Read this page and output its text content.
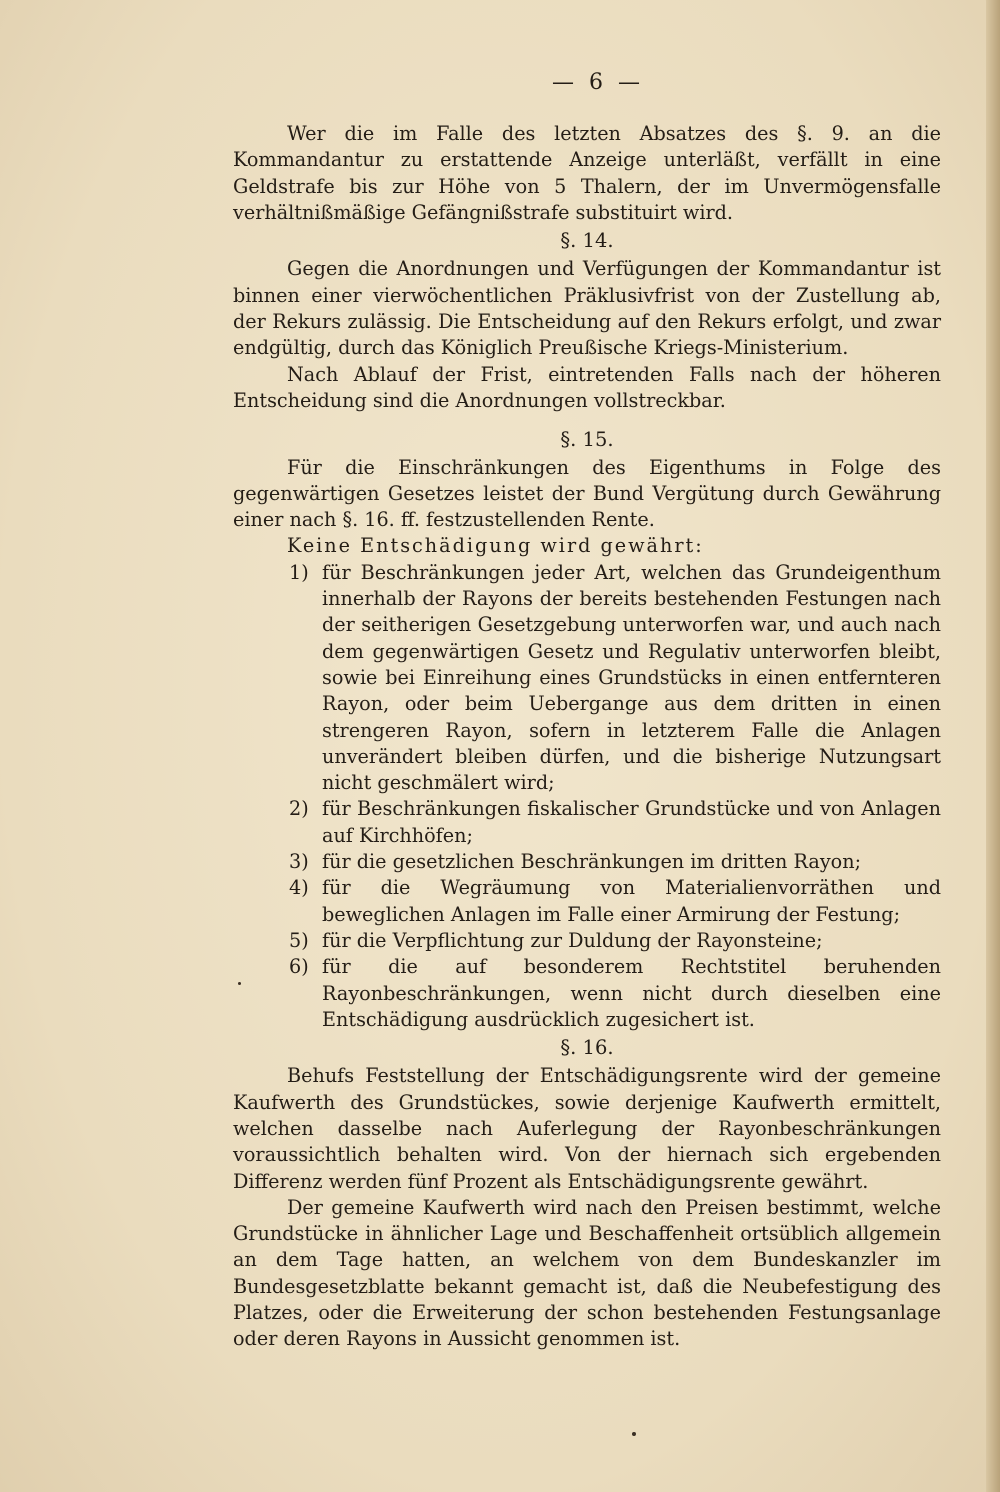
— 6 —

Wer die im Falle des letzten Absatzes des §. 9. an die Kommandantur zu erstattende Anzeige unterläßt, verfällt in eine Geldstrafe bis zur Höhe von 5 Thalern, der im Unvermögensfalle verhältnißmäßige Gefängnißstrafe substituirt wird.

§. 14.

Gegen die Anordnungen und Verfügungen der Kommandantur ist binnen einer vierwöchentlichen Präklusivfrist von der Zustellung ab, der Rekurs zulässig. Die Entscheidung auf den Rekurs erfolgt, und zwar endgültig, durch das Königlich Preußische Kriegs-Ministerium.

Nach Ablauf der Frist, eintretenden Falls nach der höheren Entscheidung sind die Anordnungen vollstreckbar.

§. 15.

Für die Einschränkungen des Eigenthums in Folge des gegenwärtigen Gesetzes leistet der Bund Vergütung durch Gewährung einer nach §. 16. ff. festzustellenden Rente.

Keine Entschädigung wird gewährt:

1) für Beschränkungen jeder Art, welchen das Grundeigenthum innerhalb der Rayons der bereits bestehenden Festungen nach der seitherigen Gesetzgebung unterworfen war, und auch nach dem gegenwärtigen Gesetz und Regulativ unterworfen bleibt, sowie bei Einreihung eines Grundstücks in einen entfernteren Rayon, oder beim Uebergange aus dem dritten in einen strengeren Rayon, sofern in letzterem Falle die Anlagen unverändert bleiben dürfen, und die bisherige Nutzungsart nicht geschmälert wird;
2) für Beschränkungen fiskalischer Grundstücke und von Anlagen auf Kirchhöfen;
3) für die gesetzlichen Beschränkungen im dritten Rayon;
4) für die Wegräumung von Materialienvorräthen und beweglichen Anlagen im Falle einer Armirung der Festung;
5) für die Verpflichtung zur Duldung der Rayonsteine;
6) für die auf besonderem Rechtstitel beruhenden Rayonbeschränkungen, wenn nicht durch dieselben eine Entschädigung ausdrücklich zugesichert ist.
§. 16.

Behufs Feststellung der Entschädigungsrente wird der gemeine Kaufwerth des Grundstückes, sowie derjenige Kaufwerth ermittelt, welchen dasselbe nach Auferlegung der Rayonbeschränkungen voraussichtlich behalten wird. Von der hiernach sich ergebenden Differenz werden fünf Prozent als Entschädigungsrente gewährt.

Der gemeine Kaufwerth wird nach den Preisen bestimmt, welche Grundstücke in ähnlicher Lage und Beschaffenheit ortsüblich allgemein an dem Tage hatten, an welchem von dem Bundeskanzler im Bundesgesetzblatte bekannt gemacht ist, daß die Neubefestigung des Platzes, oder die Erweiterung der schon bestehenden Festungsanlage oder deren Rayons in Aussicht genommen ist.
